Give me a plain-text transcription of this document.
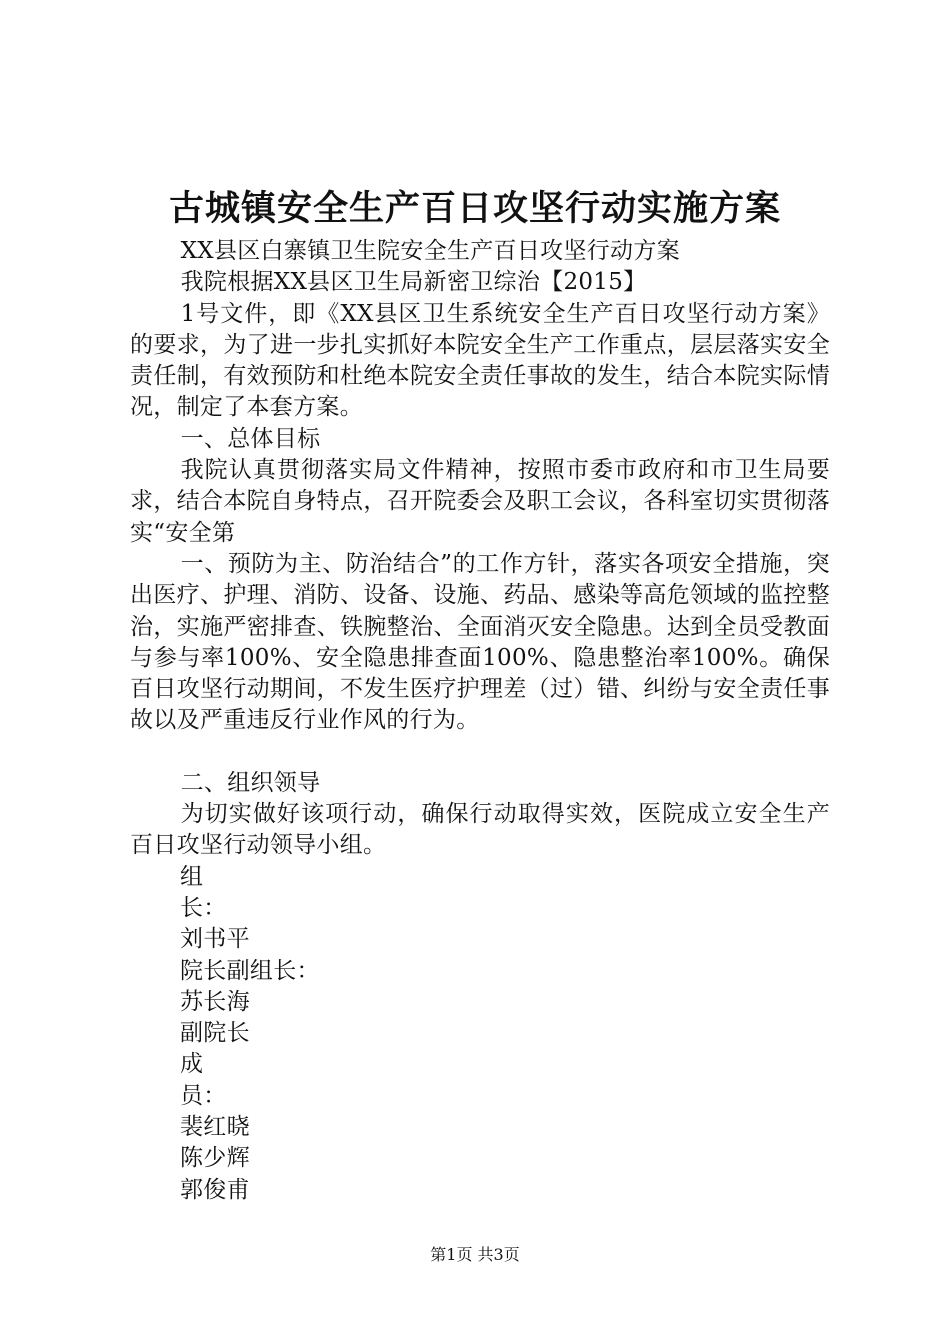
古城镇安全生产百日攻坚行动实施方案

XX县区白寨镇卫生院安全生产百日攻坚行动方案

我院根据XX县区卫生局新密卫综治【2015】

1号文件，即《XX县区卫生系统安全生产百日攻坚行动方案》的要求，为了进一步扎实抓好本院安全生产工作重点，层层落实安全责任制，有效预防和杜绝本院安全责任事故的发生，结合本院实际情况，制定了本套方案。

一、总体目标

我院认真贯彻落实局文件精神，按照市委市政府和市卫生局要求，结合本院自身特点，召开院委会及职工会议，各科室切实贯彻落实“安全第

一、预防为主、防治结合”的工作方针，落实各项安全措施，突出医疗、护理、消防、设备、设施、药品、感染等高危领域的监控整治，实施严密排查、铁腕整治、全面消灭安全隐患。达到全员受教面与参与率100%、安全隐患排查面100%、隐患整治率100%。确保百日攻坚行动期间，不发生医疗护理差（过）错、纠纷与安全责任事故以及严重违反行业作风的行为。

二、组织领导

为切实做好该项行动，确保行动取得实效，医院成立安全生产百日攻坚行动领导小组。

组
长：
刘书平
院长副组长：
苏长海
副院长
成
员：
裴红晓
陈少辉
郭俊甫
第1页 共3页
